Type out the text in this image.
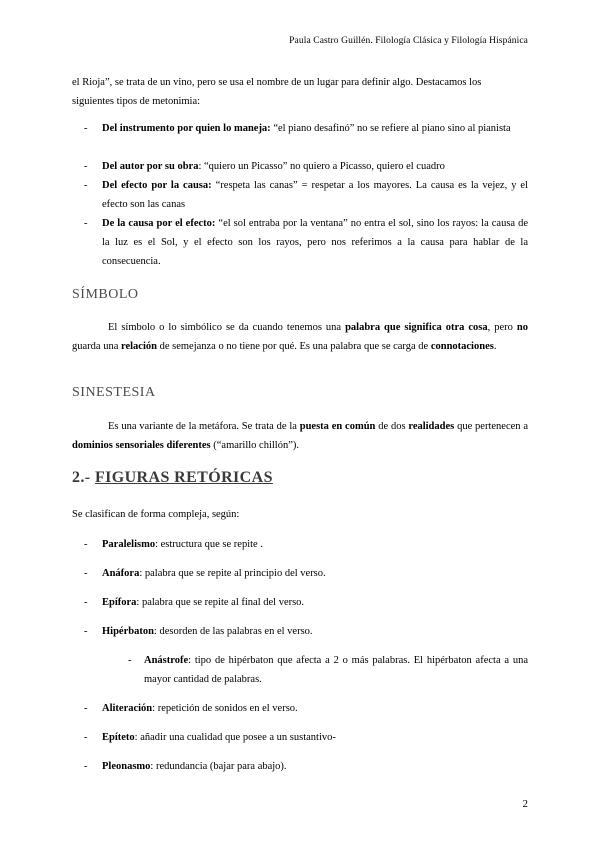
Paula Castro Guillén. Filología Clásica y Filología Hispánica
el Rioja”, se trata de un vino, pero se usa el nombre de un lugar para definir algo. Destacamos los
siguientes tipos de metonimia:
- Del instrumento por quien lo maneja: “el piano desafinó” no se refiere al piano sino al pianista
- Del autor por su obra: “quiero un Picasso” no quiero a Picasso, quiero el cuadro
- Del efecto por la causa: “respeta las canas” = respetar a los mayores. La causa es la vejez, y el efecto son las canas
- De la causa por el efecto: “el sol entraba por la ventana” no entra el sol, sino los rayos: la causa de la luz es el Sol, y el efecto son los rayos, pero nos referimos a la causa para hablar de la consecuencia.
SÍMBOLO
El símbolo o lo simbólico se da cuando tenemos una palabra que significa otra cosa, pero no guarda una relación de semejanza o no tiene por qué. Es una palabra que se carga de connotaciones.
SINESTESIA
Es una variante de la metáfora. Se trata de la puesta en común de dos realidades que pertenecen a dominios sensoriales diferentes (“amarillo chillón”).
2.- FIGURAS RETÓRICAS
Se clasifican de forma compleja, según:
- Paralelismo: estructura que se repite .
- Anáfora: palabra que se repite al principio del verso.
- Epífora: palabra que se repite al final del verso.
- Hipérbaton: desorden de las palabras en el verso.
- Anástrofe: tipo de hipérbaton que afecta a 2 o más palabras. El hipérbaton afecta a una mayor cantidad de palabras.
- Aliteración: repetición de sonidos en el verso.
- Epíteto: añadir una cualidad que posee a un sustantivo-
- Pleonasmo: redundancia (bajar para abajo).
2
